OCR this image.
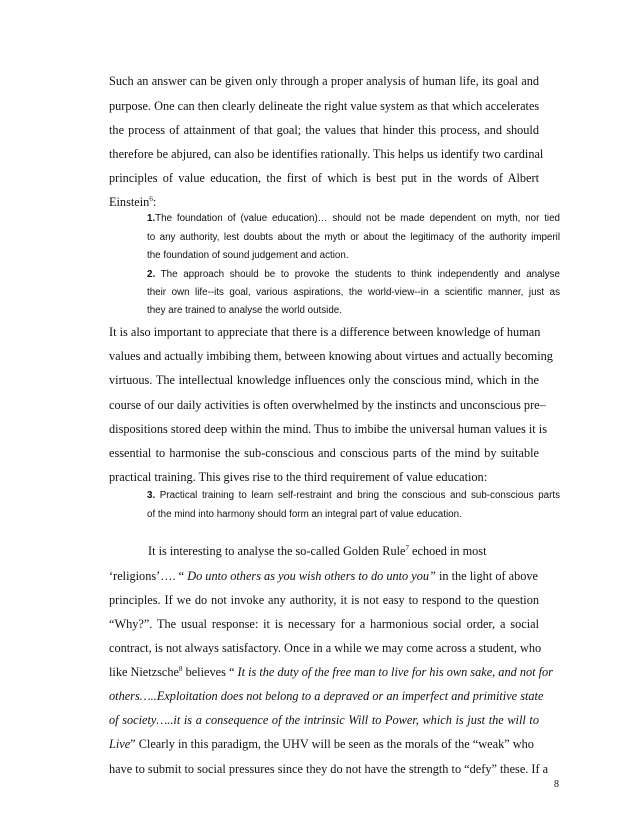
Such an answer can be given only through a proper analysis of human life, its goal and
purpose. One can then clearly delineate the right value system as that which accelerates
the process of attainment of that goal; the values that hinder this process, and should
therefore be abjured, can also be identifies rationally. This helps us identify two cardinal
principles of value education, the first of which is best put in the words of Albert
Einstein$^6$:
1.The foundation of (value education)… should not be made dependent on myth, nor tied
to any authority, lest doubts about the myth or about the legitimacy of the authority imperil
the foundation of sound judgement and action.
2. The approach should be to provoke the students to think independently and analyse
their own life--its goal, various aspirations, the world-view--in a scientific manner, just as
they are trained to analyse the world outside.
It is also important to appreciate that there is a difference between knowledge of human
values and actually imbibing them, between knowing about virtues and actually becoming
virtuous. The intellectual knowledge influences only the conscious mind, which in the
course of our daily activities is often overwhelmed by the instincts and unconscious pre–
dispositions stored deep within the mind. Thus to imbibe the universal human values it is
essential to harmonise the sub-conscious and conscious parts of the mind by suitable
practical training. This gives rise to the third requirement of value education:
3. Practical training to learn self-restraint and bring the conscious and sub-conscious parts
of the mind into harmony should form an integral part of value education.
It is interesting to analyse the so-called Golden Rule$^7$ echoed in most
‘religions’…. “ Do unto others as you wish others to do unto you” in the light of above
principles. If we do not invoke any authority, it is not easy to respond to the question
“Why?”. The usual response: it is necessary for a harmonious social order, a social
contract, is not always satisfactory. Once in a while we may come across a student, who
like Nietzsche$^8$ believes “ It is the duty of the free man to live for his own sake, and not for
others…..Exploitation does not belong to a depraved or an imperfect and primitive state
of society…..it is a consequence of the intrinsic Will to Power, which is just the will to
Live” Clearly in this paradigm, the UHV will be seen as the morals of the “weak” who
have to submit to social pressures since they do not have the strength to “defy” these. If a
8
